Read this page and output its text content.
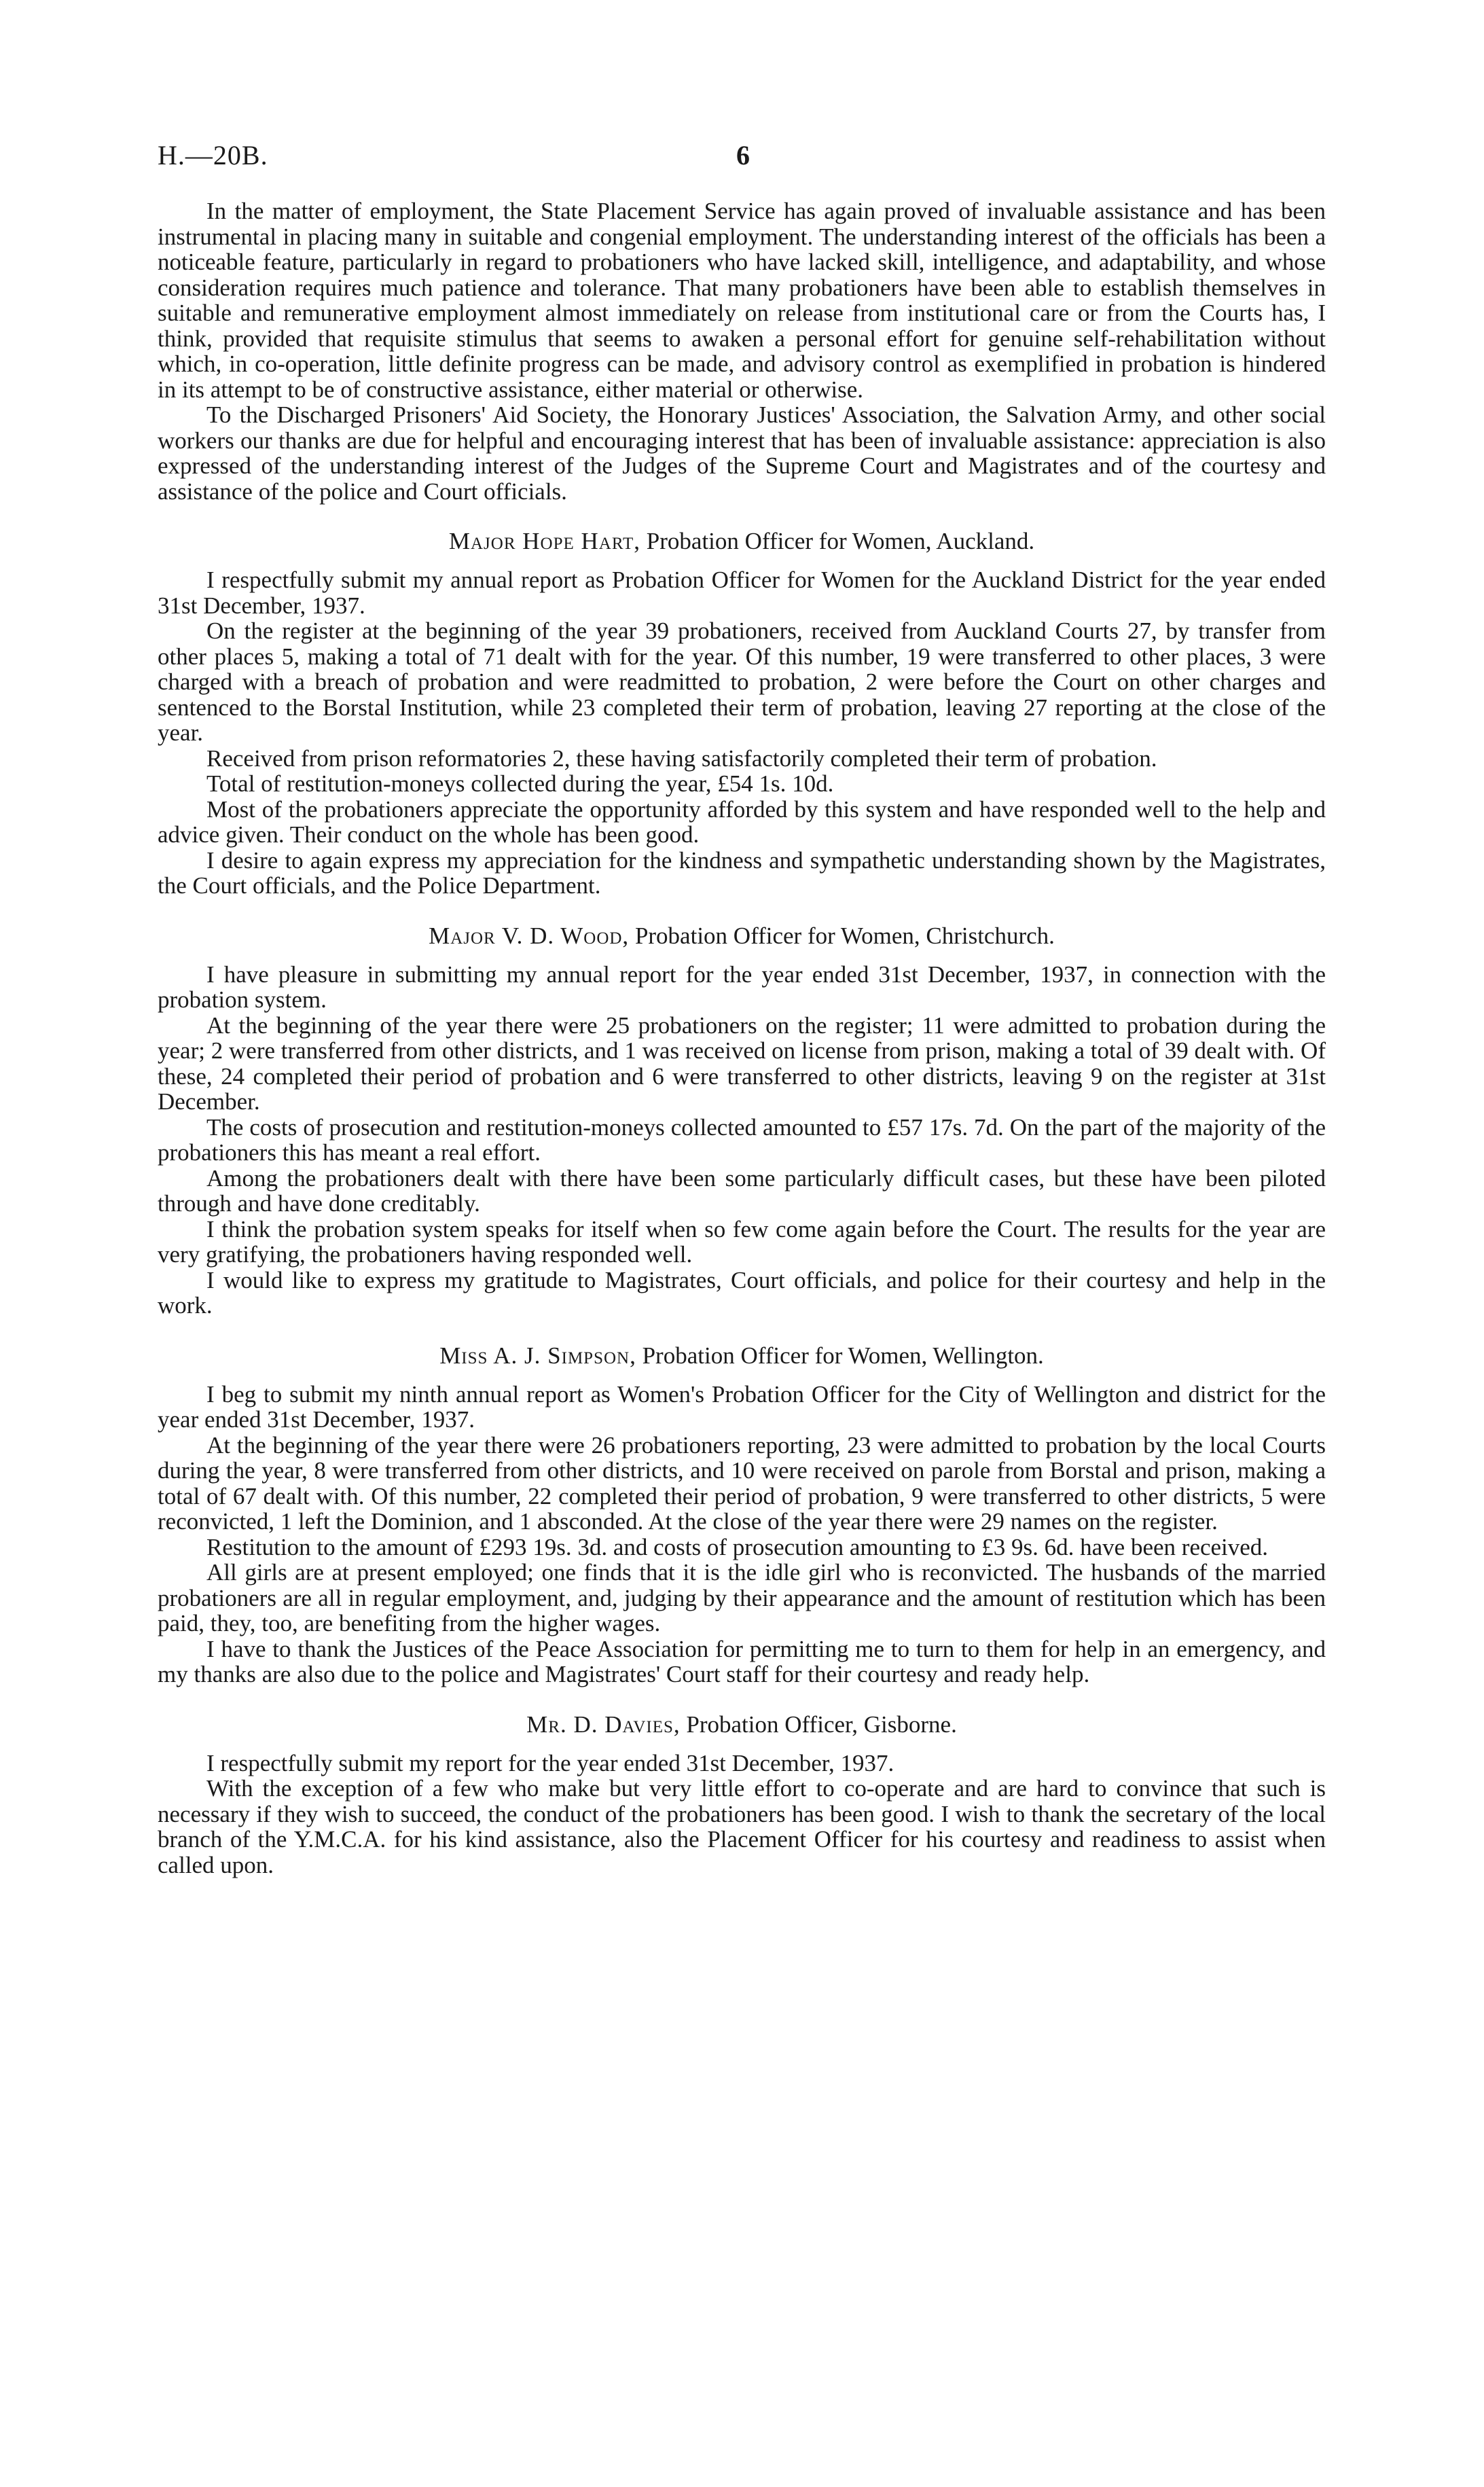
H.—20B.	6

In the matter of employment, the State Placement Service has again proved of invaluable assistance and has been instrumental in placing many in suitable and congenial employment. The understanding interest of the officials has been a noticeable feature, particularly in regard to probationers who have lacked skill, intelligence, and adaptability, and whose consideration requires much patience and tolerance. That many probationers have been able to establish themselves in suitable and remunerative employment almost immediately on release from institutional care or from the Courts has, I think, provided that requisite stimulus that seems to awaken a personal effort for genuine self-rehabilitation without which, in co-operation, little definite progress can be made, and advisory control as exemplified in probation is hindered in its attempt to be of constructive assistance, either material or otherwise.

To the Discharged Prisoners' Aid Society, the Honorary Justices' Association, the Salvation Army, and other social workers our thanks are due for helpful and encouraging interest that has been of invaluable assistance: appreciation is also expressed of the understanding interest of the Judges of the Supreme Court and Magistrates and of the courtesy and assistance of the police and Court officials.

Major Hope Hart, Probation Officer for Women, Auckland.

I respectfully submit my annual report as Probation Officer for Women for the Auckland District for the year ended 31st December, 1937.

On the register at the beginning of the year 39 probationers, received from Auckland Courts 27, by transfer from other places 5, making a total of 71 dealt with for the year. Of this number, 19 were transferred to other places, 3 were charged with a breach of probation and were readmitted to probation, 2 were before the Court on other charges and sentenced to the Borstal Institution, while 23 completed their term of probation, leaving 27 reporting at the close of the year.

Received from prison reformatories 2, these having satisfactorily completed their term of probation.

Total of restitution-moneys collected during the year, £54 1s. 10d.

Most of the probationers appreciate the opportunity afforded by this system and have responded well to the help and advice given. Their conduct on the whole has been good.

I desire to again express my appreciation for the kindness and sympathetic understanding shown by the Magistrates, the Court officials, and the Police Department.

Major V. D. Wood, Probation Officer for Women, Christchurch.

I have pleasure in submitting my annual report for the year ended 31st December, 1937, in connection with the probation system.

At the beginning of the year there were 25 probationers on the register; 11 were admitted to probation during the year; 2 were transferred from other districts, and 1 was received on license from prison, making a total of 39 dealt with. Of these, 24 completed their period of probation and 6 were transferred to other districts, leaving 9 on the register at 31st December.

The costs of prosecution and restitution-moneys collected amounted to £57 17s. 7d. On the part of the majority of the probationers this has meant a real effort.

Among the probationers dealt with there have been some particularly difficult cases, but these have been piloted through and have done creditably.

I think the probation system speaks for itself when so few come again before the Court. The results for the year are very gratifying, the probationers having responded well.

I would like to express my gratitude to Magistrates, Court officials, and police for their courtesy and help in the work.

Miss A. J. Simpson, Probation Officer for Women, Wellington.

I beg to submit my ninth annual report as Women's Probation Officer for the City of Wellington and district for the year ended 31st December, 1937.

At the beginning of the year there were 26 probationers reporting, 23 were admitted to probation by the local Courts during the year, 8 were transferred from other districts, and 10 were received on parole from Borstal and prison, making a total of 67 dealt with. Of this number, 22 completed their period of probation, 9 were transferred to other districts, 5 were reconvicted, 1 left the Dominion, and 1 absconded. At the close of the year there were 29 names on the register.

Restitution to the amount of £293 19s. 3d. and costs of prosecution amounting to £3 9s. 6d. have been received.

All girls are at present employed; one finds that it is the idle girl who is reconvicted. The husbands of the married probationers are all in regular employment, and, judging by their appearance and the amount of restitution which has been paid, they, too, are benefiting from the higher wages.

I have to thank the Justices of the Peace Association for permitting me to turn to them for help in an emergency, and my thanks are also due to the police and Magistrates' Court staff for their courtesy and ready help.

Mr. D. Davies, Probation Officer, Gisborne.

I respectfully submit my report for the year ended 31st December, 1937.

With the exception of a few who make but very little effort to co-operate and are hard to convince that such is necessary if they wish to succeed, the conduct of the probationers has been good. I wish to thank the secretary of the local branch of the Y.M.C.A. for his kind assistance, also the Placement Officer for his courtesy and readiness to assist when called upon.
